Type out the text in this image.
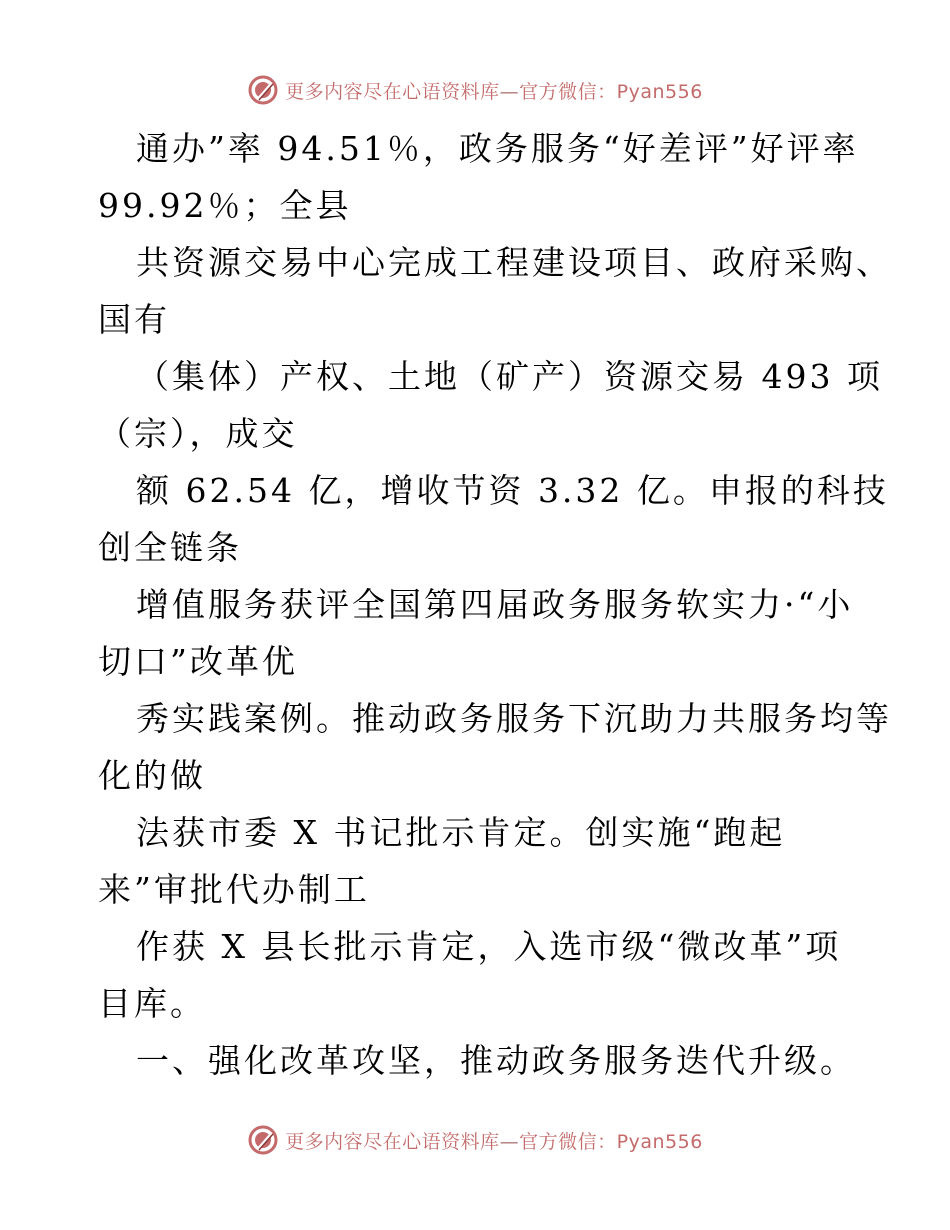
更多内容尽在心语资料库—官方微信：Pyan556
通办”率 94.51％，政务服务“好差评”好评率
99.92％；全县
共资源交易中心完成工程建设项目、政府采购、
国有
（集体）产权、土地（矿产）资源交易 493 项
（宗），成交
额 62.54 亿，增收节资 3.32 亿。申报的科技
创全链条
增值服务获评全国第四届政务服务软实力·“小
切口”改革优
秀实践案例。推动政务服务下沉助力共服务均等
化的做
法获市委 X 书记批示肯定。创实施“跑起
来”审批代办制工
作获 X 县长批示肯定，入选市级“微改革”项
目库。
一、强化改革攻坚，推动政务服务迭代升级。
更多内容尽在心语资料库—官方微信：Pyan556
